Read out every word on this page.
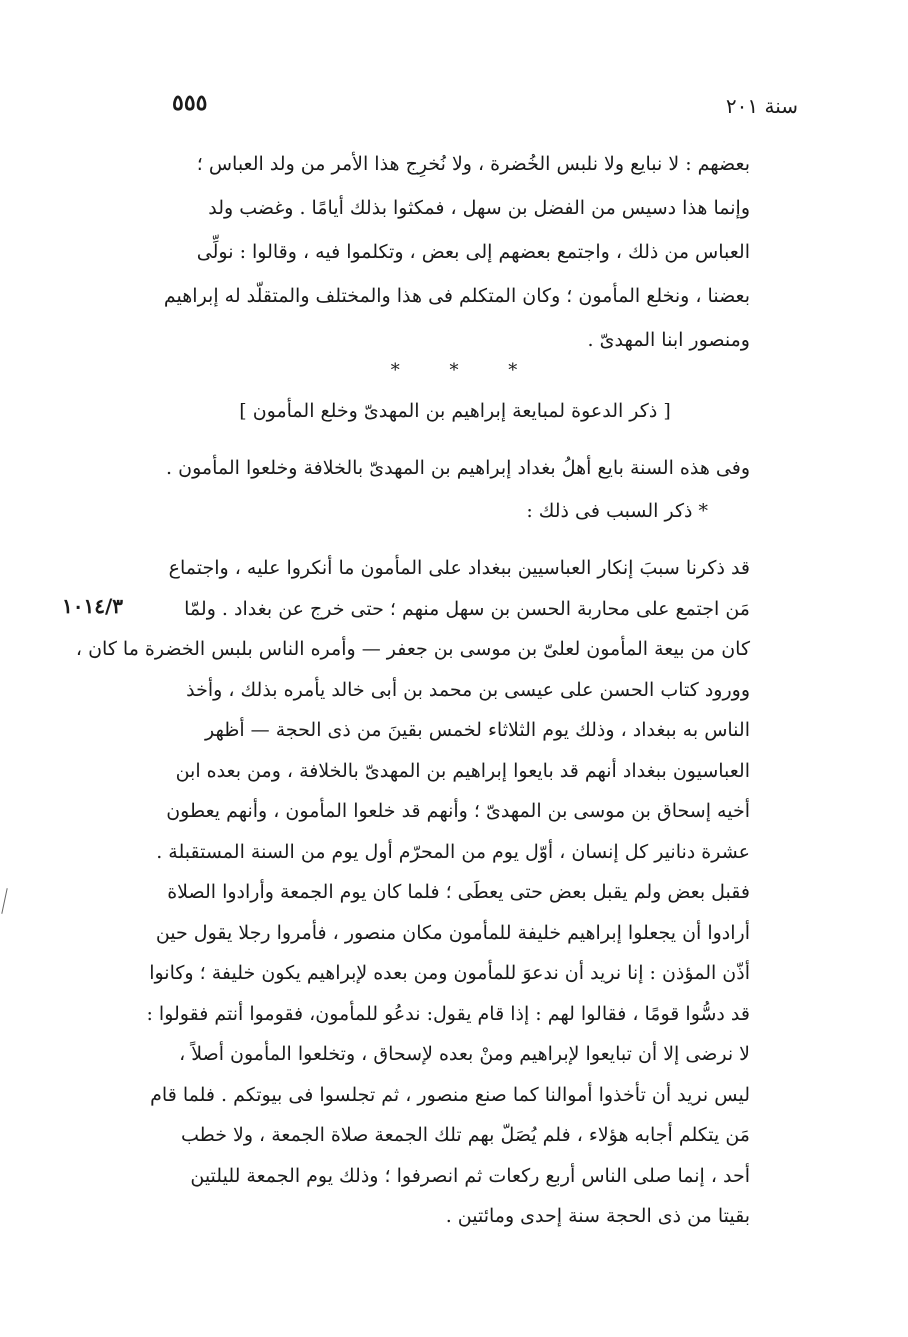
سنة ٢٠١
٥٥٥
١٠١٤/٣
بعضهم : لا نبايع ولا نلبس الخُضرة ، ولا نُخرِج هذا الأمر من ولد العباس ؛
وإنما هذا دسيس من الفضل بن سهل ، فمكثوا بذلك أيامًا . وغضب ولد
العباس من ذلك ، واجتمع بعضهم إلى بعض ، وتكلموا فيه ، وقالوا : نولِّى
بعضنا ، ونخلع المأمون ؛ وكان المتكلم فى هذا والمختلف والمتقلّد له إبراهيم
ومنصور ابنا المهدىّ .
* * *
[ ذكر الدعوة لمبايعة إبراهيم بن المهدىّ وخلع المأمون ]
وفى هذه السنة بايع أهلُ بغداد إبراهيم بن المهدىّ بالخلافة وخلعوا المأمون .
* ذكر السبب فى ذلك :
قد ذكرنا سببَ إنكار العباسيين ببغداد على المأمون ما أنكروا عليه ، واجتماع
مَن اجتمع على محاربة الحسن بن سهل منهم ؛ حتى خرج عن بغداد . ولمّا
كان من بيعة المأمون لعلىّ بن موسى بن جعفر — وأمره الناس بلبس الخضرة ما كان ،
وورود كتاب الحسن على عيسى بن محمد بن أبى خالد يأمره بذلك ، وأخذ
الناس به ببغداد ، وذلك يوم الثلاثاء لخمس بقينَ من ذى الحجة — أظهر
العباسيون ببغداد أنهم قد بايعوا إبراهيم بن المهدىّ بالخلافة ، ومن بعده ابن
أخيه إسحاق بن موسى بن المهدىّ ؛ وأنهم قد خلعوا المأمون ، وأنهم يعطون
عشرة دنانير كل إنسان ، أوّل يوم من المحرّم أول يوم من السنة المستقبلة .
فقبل بعض ولم يقبل بعض حتى يعطَى ؛ فلما كان يوم الجمعة وأرادوا الصلاة
أرادوا أن يجعلوا إبراهيم خليفة للمأمون مكان منصور ، فأمروا رجلا يقول حين
أذّن المؤذن : إنا نريد أن ندعوَ للمأمون ومن بعده لإبراهيم يكون خليفة ؛ وكانوا
قد دسُّوا قومًا ، فقالوا لهم : إذا قام يقول: ندعُو للمأمون، فقوموا أنتم فقولوا :
لا نرضى إلا أن تبايعوا لإبراهيم ومنْ بعده لإسحاق ، وتخلعوا المأمون أصلاً ،
ليس نريد أن تأخذوا أموالنا كما صنع منصور ، ثم تجلسوا فى بيوتكم . فلما قام
مَن يتكلم أجابه هؤلاء ، فلم يُصَلّ بهم تلك الجمعة صلاة الجمعة ، ولا خطب
أحد ، إنما صلى الناس أربع ركعات ثم انصرفوا ؛ وذلك يوم الجمعة لليلتين
بقيتا من ذى الحجة سنة إحدى ومائتين .
